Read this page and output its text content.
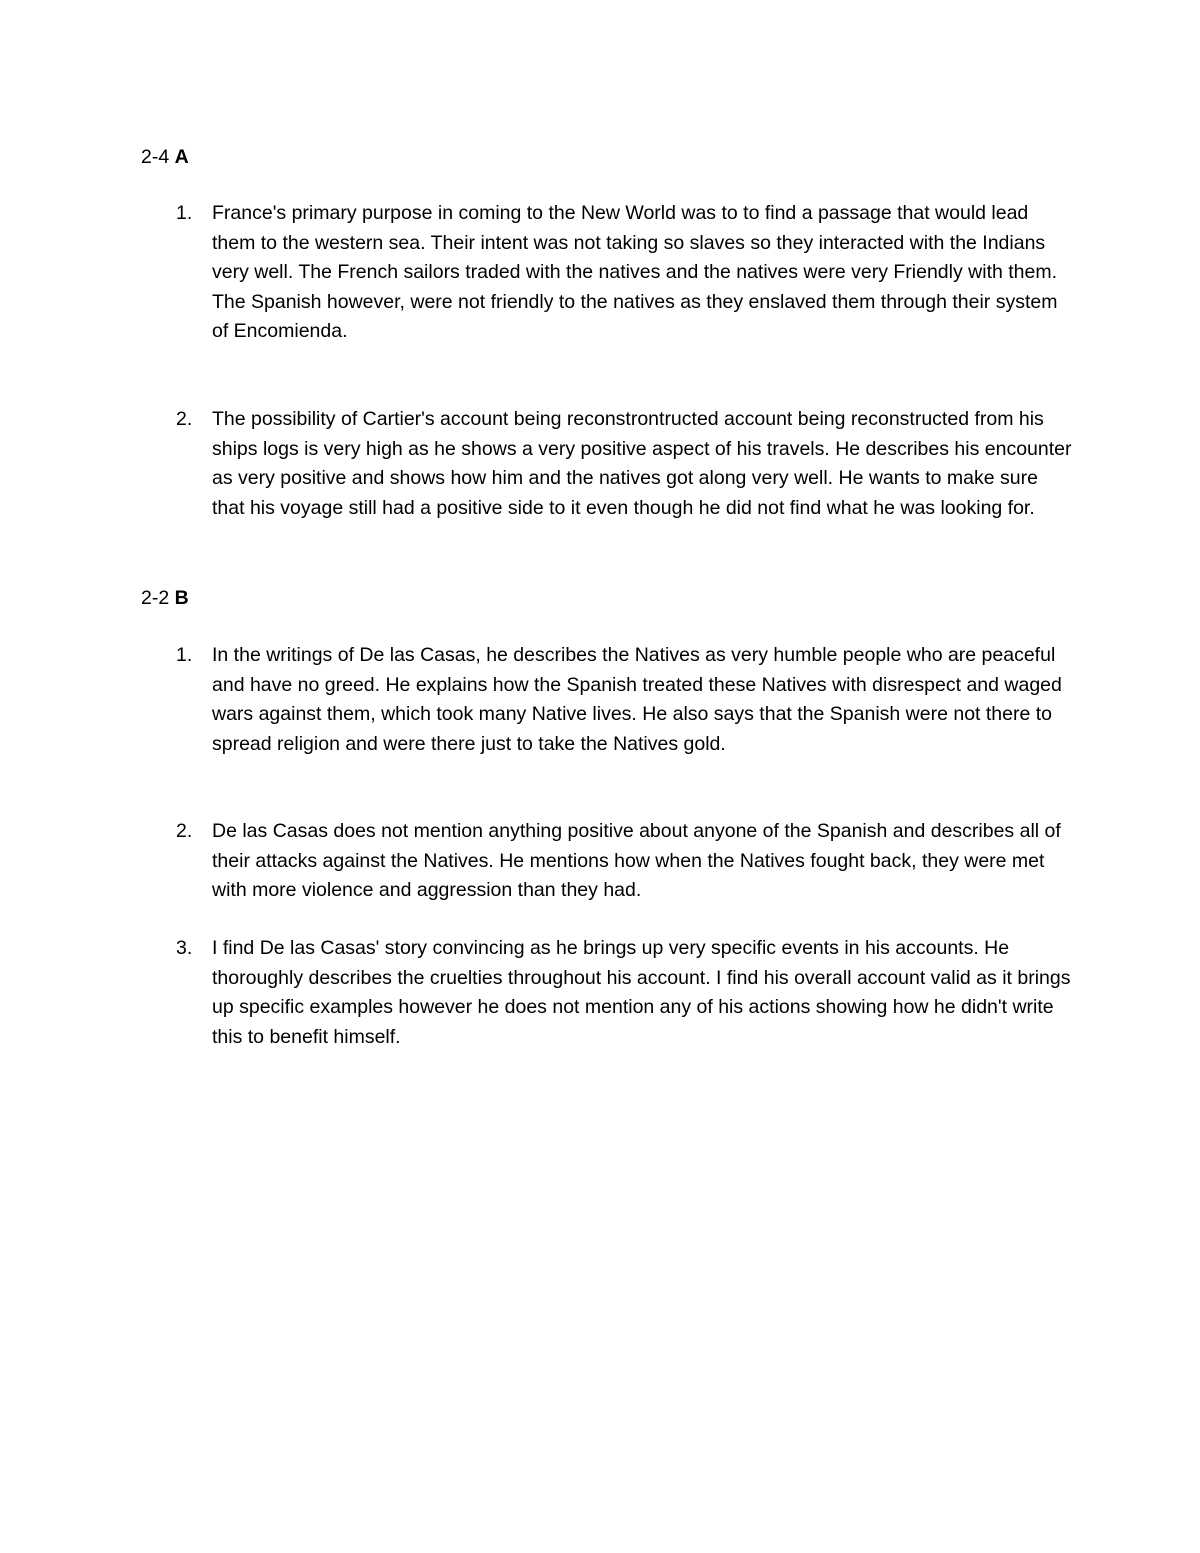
2-4 A
1. France's primary purpose in coming to the New World was to to find a passage that would lead them to the western sea. Their intent was not taking so slaves so they interacted with the Indians very well. The French sailors traded with the natives and the natives were very Friendly with them. The Spanish however, were not friendly to the natives as they enslaved them through their system of Encomienda.

2. The possibility of Cartier's account being reconstrontructed account being reconstructed from his ships logs is very high as he shows a very positive aspect of his travels. He describes his encounter as very positive and shows how him and the natives got along very well. He wants to make sure that his voyage still had a positive side to it even though he did not find what he was looking for.

2-2 B
1. In the writings of De las Casas, he describes the Natives as very humble people who are peaceful and have no greed. He explains how the Spanish treated these Natives with disrespect and waged wars against them, which took many Native lives. He also says that the Spanish were not there to spread religion and were there just to take the Natives gold.

2. De las Casas does not mention anything positive about anyone of the Spanish and describes all of their attacks against the Natives. He mentions how when the Natives fought back, they were met with more violence and aggression than they had.

3. I find De las Casas' story convincing as he brings up very specific events in his accounts. He thoroughly describes the cruelties throughout his account. I find his overall account valid as it brings up specific examples however he does not mention any of his actions showing how he didn't write this to benefit himself.
